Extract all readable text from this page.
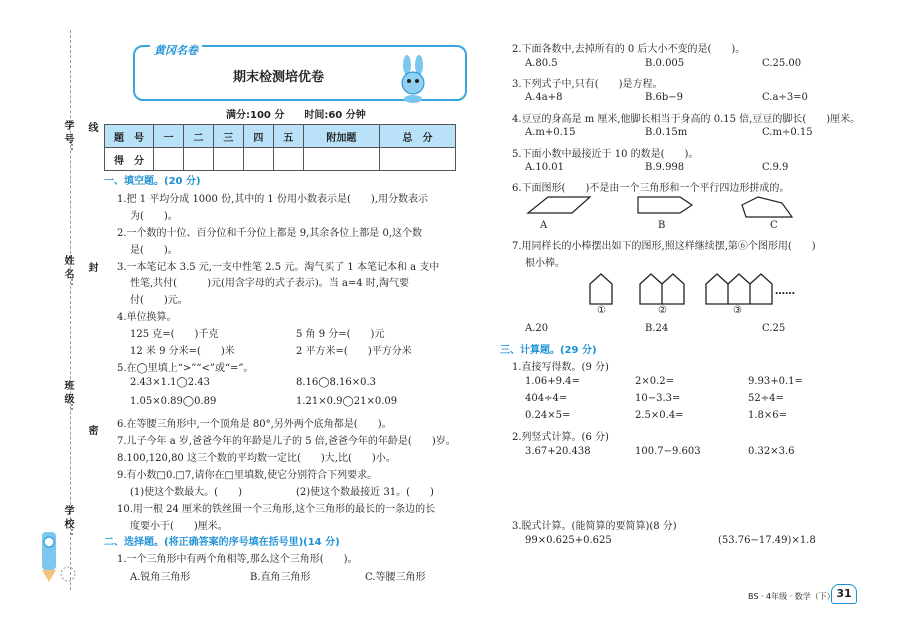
学 号： 线
姓 名： 封
班 级：
密
学 校：
黄冈名卷
期末检测培优卷
满分:100 分　　时间:60 分钟
题　号	一	二	三	四	五	附加题	总　分
得　分							
一、填空题。(20 分)
1.把 1 平均分成 1000 份,其中的 1 份用小数表示是(　　),用分数表示
为(　　)。
2.一个数的十位、百分位和千分位上都是 9,其余各位上都是 0,这个数
是(　　)。
3.一本笔记本 3.5 元,一支中性笔 2.5 元。淘气买了 1 本笔记本和 a 支中
性笔,共付(　　　)元(用含字母的式子表示)。当 a=4 时,淘气要
付(　　)元。
4.单位换算。
125 克=(　　)千克	5 角 9 分=(　　)元
12 米 9 分米=(　　)米	2 平方米=(　　)平方分米
5.在◯里填上“>”“<”或“=”。
2.43×1.1◯2.43	8.16◯8.16×0.3
1.05×0.89◯0.89	1.21×0.9◯21×0.09
6.在等腰三角形中,一个顶角是 80°,另外两个底角都是(　　)。
7.儿子今年 a 岁,爸爸今年的年龄是儿子的 5 倍,爸爸今年的年龄是(　　)岁。
8.100,120,80 这三个数的平均数一定比(　　)大,比(　　)小。
9.有小数□0.□7,请你在□里填数,使它分别符合下列要求。
(1)使这个数最大。(　　)	(2)使这个数最接近 31。(　　)
10.用一根 24 厘米的铁丝围一个三角形,这个三角形的最长的一条边的长
度要小于(　　)厘米。
二、选择题。(将正确答案的序号填在括号里)(14 分)
1.一个三角形中有两个角相等,那么这个三角形(　　)。
A.锐角三角形	B.直角三角形	C.等腰三角形
2.下面各数中,去掉所有的 0 后大小不变的是(　　)。
A.80.5	B.0.005	C.25.00
3.下列式子中,只有(　　)是方程。
A.4a+8	B.6b−9	C.a÷3=0
4.豆豆的身高是 m 厘米,他脚长相当于身高的 0.15 倍,豆豆的脚长(　　)厘米。
A.m+0.15	B.0.15m	C.m÷0.15
5.下面小数中最接近于 10 的数是(　　)。
A.10.01	B.9.998	C.9.9
6.下面图形(　　)不是由一个三角形和一个平行四边形拼成的。
A	B	C
7.用同样长的小棒摆出如下的图形,照这样继续摆,第⑥个图形用(　　)
根小棒。
……
①	②	③
A.20	B.24	C.25
三、计算题。(29 分)
1.直接写得数。(9 分)
1.06+9.4=	2×0.2=	9.93+0.1=
404÷4=	10−3.3=	52÷4=
0.24×5=	2.5×0.4=	1.8×6=
2.列竖式计算。(6 分)
3.67+20.438	100.7−9.603	0.32×3.6
3.脱式计算。(能简算的要简算)(8 分)
99×0.625+0.625	(53.76−17.49)×1.8
BS · 4年级 · 数学（下） 31
